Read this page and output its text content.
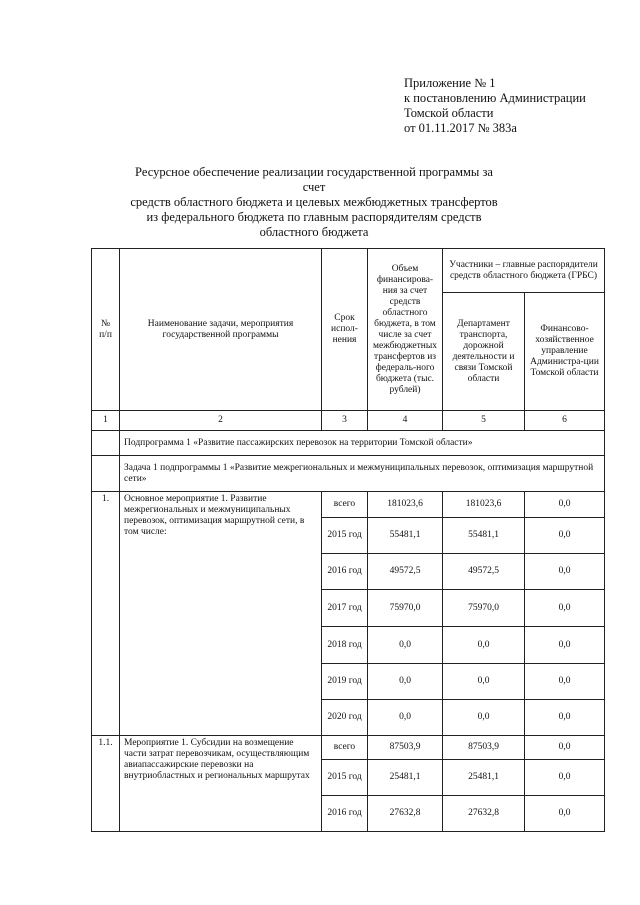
Приложение № 1
к постановлению Администрации
Томской области
от 01.11.2017 № 383а
Ресурсное обеспечение реализации государственной программы за счет
средств областного бюджета и целевых межбюджетных трансфертов
из федерального бюджета по главным распорядителям средств
областного бюджета
№ п/п	Наименование задачи, мероприятия государственной программы	Срок испол-нения	Объем финансирова-ния за счет средств областного бюджета, в том числе за счет межбюджетных трансфертов из федераль-ного бюджета (тыс. рублей)	Участники – главные распорядители средств областного бюджета (ГРБС)	
				Департамент транспорта, дорожной деятельности и связи Томской области	Финансово-хозяйственное управление Администра-ции Томской области
1	2	3	4	5	6
	Подпрограмма 1 «Развитие пассажирских перевозок на территории Томской области»				
	Задача 1 подпрограммы 1 «Развитие межрегиональных и межмуниципальных перевозок, оптимизация маршрутной сети»				
1.	Основное мероприятие 1. Развитие межрегиональных и межмуниципальных перевозок, оптимизация маршрутной сети, в том числе:	всего	181023,6	181023,6	0,0
		2015 год	55481,1	55481,1	0,0
		2016 год	49572,5	49572,5	0,0
		2017 год	75970,0	75970,0	0,0
		2018 год	0,0	0,0	0,0
		2019 год	0,0	0,0	0,0
		2020 год	0,0	0,0	0,0
1.1.	Мероприятие 1. Субсидии на возмещение части затрат перевозчикам, осуществляющим авиапассажирские перевозки на внутриобластных и региональных маршрутах	всего	87503,9	87503,9	0,0
		2015 год	25481,1	25481,1	0,0
		2016 год	27632,8	27632,8	0,0
